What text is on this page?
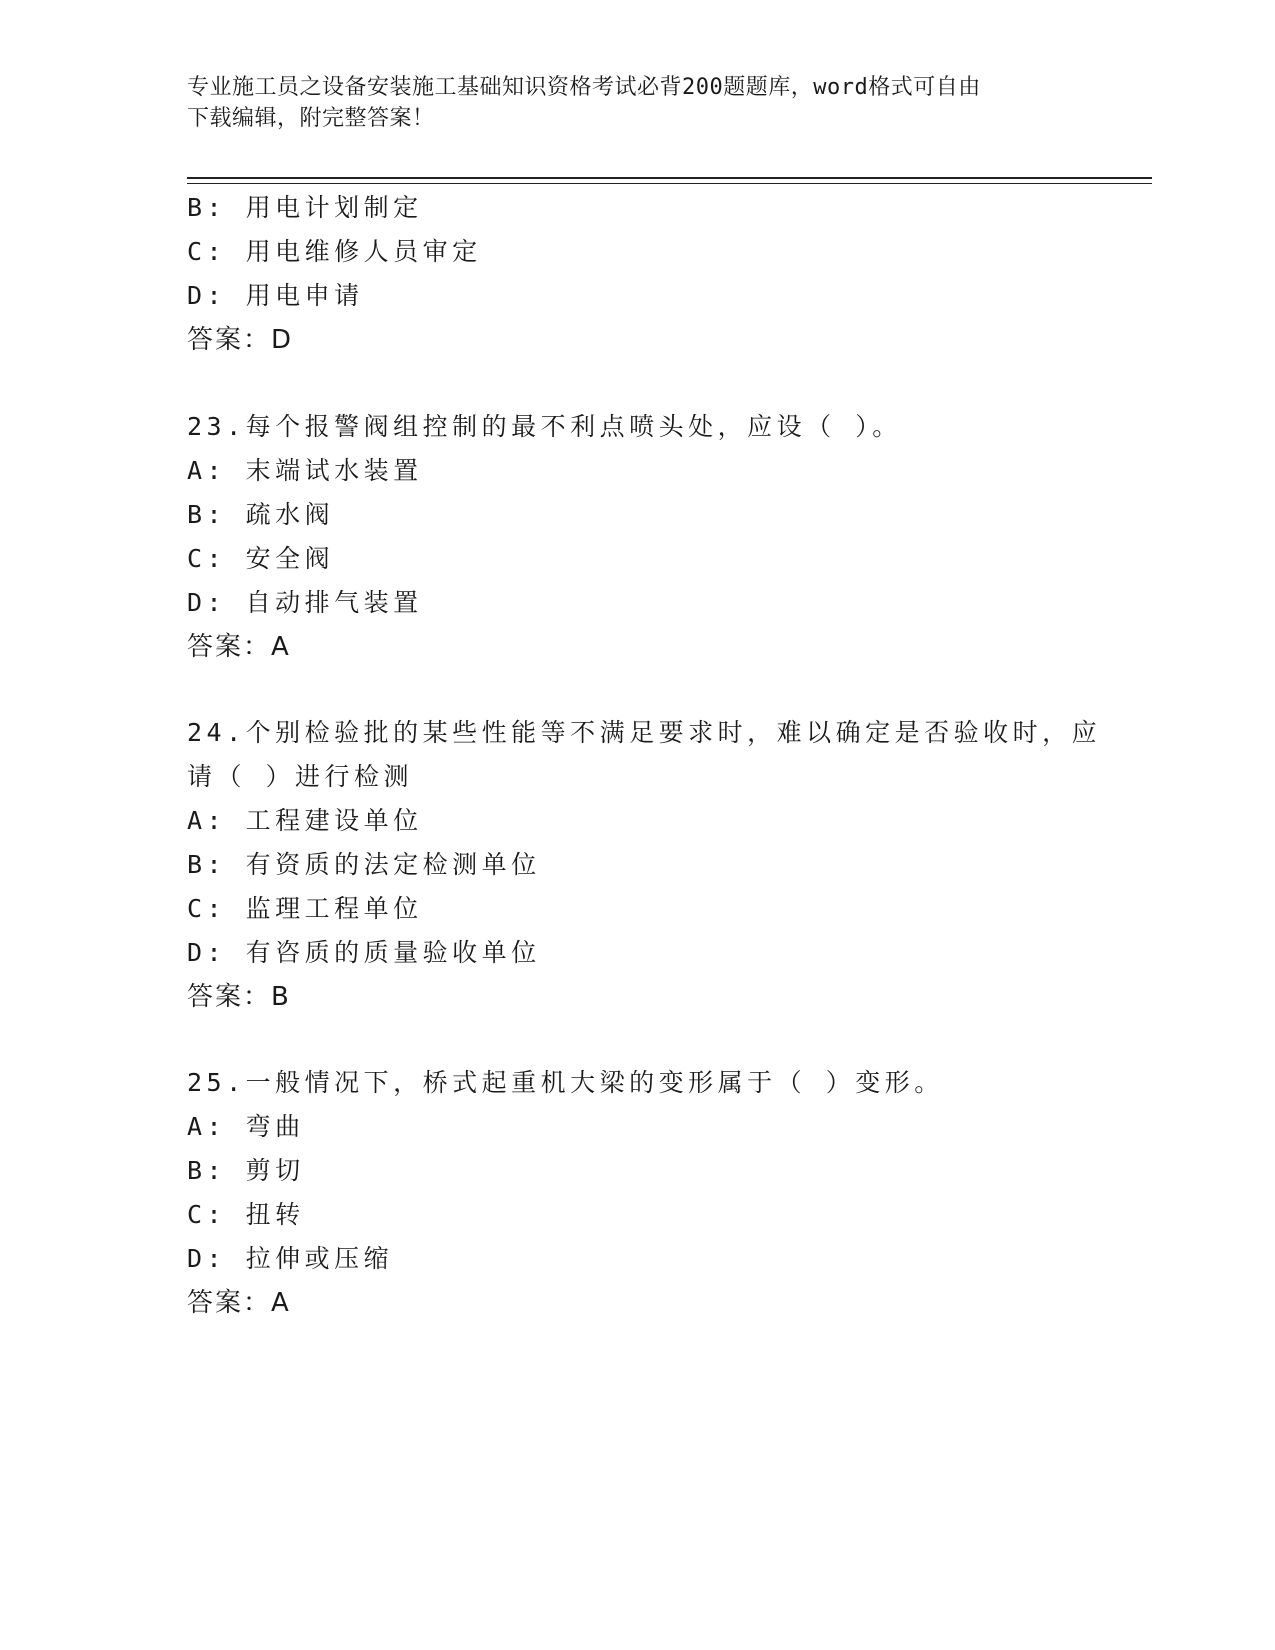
专业施工员之设备安装施工基础知识资格考试必背200题题库，word格式可自由
下载编辑，附完整答案！
B: 用电计划制定
C: 用电维修人员审定
D: 用电申请
答案：D
23.每个报警阀组控制的最不利点喷头处，应设（ ）。
A: 末端试水装置
B: 疏水阀
C: 安全阀
D: 自动排气装置
答案：A
24.个别检验批的某些性能等不满足要求时，难以确定是否验收时，应
请（ ）进行检测
A: 工程建设单位
B: 有资质的法定检测单位
C: 监理工程单位
D: 有咨质的质量验收单位
答案：B
25.一般情况下，桥式起重机大梁的变形属于（ ）变形。
A: 弯曲
B: 剪切
C: 扭转
D: 拉伸或压缩
答案：A
